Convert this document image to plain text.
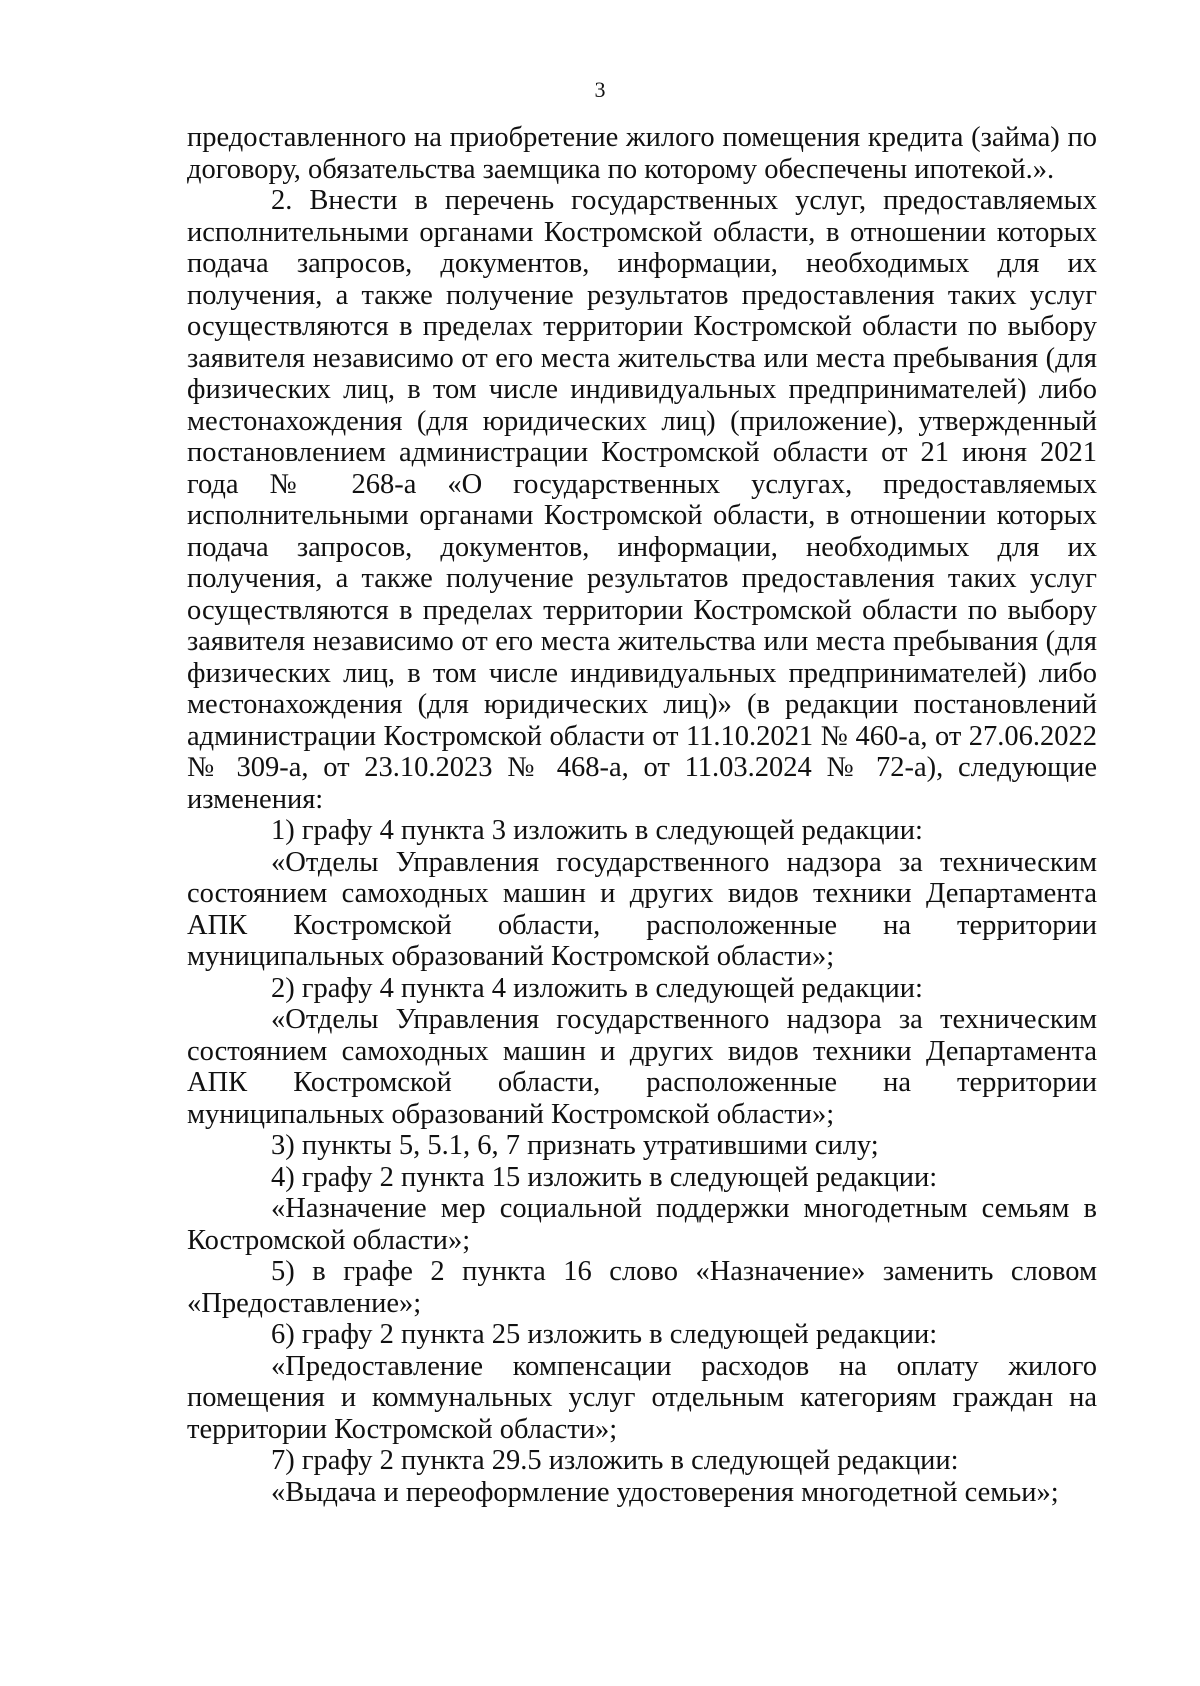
3

предоставленного на приобретение жилого помещения кредита (займа) по договору, обязательства заемщика по которому обеспечены ипотекой.».

2. Внести в перечень государственных услуг, предоставляемых исполнительными органами Костромской области, в отношении которых подача запросов, документов, информации, необходимых для их получения, а также получение результатов предоставления таких услуг осуществляются в пределах территории Костромской области по выбору заявителя независимо от его места жительства или места пребывания (для физических лиц, в том числе индивидуальных предпринимателей) либо местонахождения (для юридических лиц) (приложение), утвержденный постановлением администрации Костромской области от 21 июня 2021 года № 268-а «О государственных услугах, предоставляемых исполнительными органами Костромской области, в отношении которых подача запросов, документов, информации, необходимых для их получения, а также получение результатов предоставления таких услуг осуществляются в пределах территории Костромской области по выбору заявителя независимо от его места жительства или места пребывания (для физических лиц, в том числе индивидуальных предпринимателей) либо местонахождения (для юридических лиц)» (в редакции постановлений администрации Костромской области от 11.10.2021 № 460-а, от 27.06.2022 № 309-а, от 23.10.2023 № 468-а, от 11.03.2024 № 72-а), следующие изменения:

1) графу 4 пункта 3 изложить в следующей редакции:

«Отделы Управления государственного надзора за техническим состоянием самоходных машин и других видов техники Департамента АПК Костромской области, расположенные на территории муниципальных образований Костромской области»;

2) графу 4 пункта 4 изложить в следующей редакции:

«Отделы Управления государственного надзора за техническим состоянием самоходных машин и других видов техники Департамента АПК Костромской области, расположенные на территории муниципальных образований Костромской области»;

3) пункты 5, 5.1, 6, 7 признать утратившими силу;

4) графу 2 пункта 15 изложить в следующей редакции:

«Назначение мер социальной поддержки многодетным семьям в Костромской области»;

5) в графе 2 пункта 16 слово «Назначение» заменить словом «Предоставление»;

6) графу 2 пункта 25 изложить в следующей редакции:

«Предоставление компенсации расходов на оплату жилого помещения и коммунальных услуг отдельным категориям граждан на территории Костромской области»;

7) графу 2 пункта 29.5 изложить в следующей редакции:

«Выдача и переоформление удостоверения многодетной семьи»;
